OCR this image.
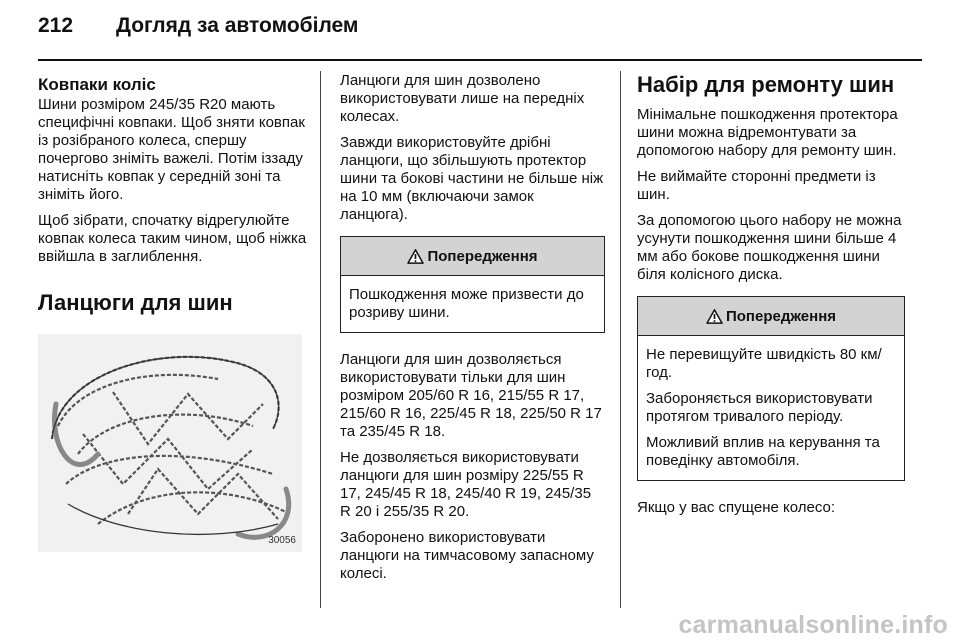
212	Догляд за автомобілем
Ковпаки коліс

Шини розміром 245/35 R20 мають специфічні ковпаки. Щоб зняти ковпак із розібраного колеса, спершу почергово зніміть важелі. Потім іззаду натисніть ковпак у середній зоні та зніміть його.

Щоб зібрати, спочатку відрегулюйте ковпак колеса таким чином, щоб ніжка ввійшла в заглиблення.

Ланцюги для шин
30056

Ланцюги для шин дозволено використовувати лише на передніх колесах.

Завжди використовуйте дрібні ланцюги, що збільшують протектор шини та бокові частини не більше ніж на 10 мм (включаючи замок ланцюга).

Попередження

Пошкодження може призвести до розриву шини.

Ланцюги для шин дозволяється використовувати тільки для шин розміром 205/60 R 16, 215/55 R 17, 215/60 R 16, 225/45 R 18, 225/50 R 17 та 235/45 R 18.

Не дозволяється використовувати ланцюги для шин розміру 225/55 R 17, 245/45 R 18, 245/40 R 19, 245/35 R 20 і 255/35 R 20.

Заборонено використовувати ланцюги на тимчасовому запасному колесі.

Набір для ремонту шин

Мінімальне пошкодження протектора шини можна відремонтувати за допомогою набору для ремонту шин.

Не виймайте сторонні предмети із шин.

За допомогою цього набору не можна усунути пошкодження шини більше 4 мм або бокове пошкодження шини біля колісного диска.

Попередження

Не перевищуйте швидкість 80 км/год.

Забороняється використовувати протягом тривалого періоду.

Можливий вплив на керування та поведінку автомобіля.

Якщо у вас спущене колесо:

carmanualsonline.info
